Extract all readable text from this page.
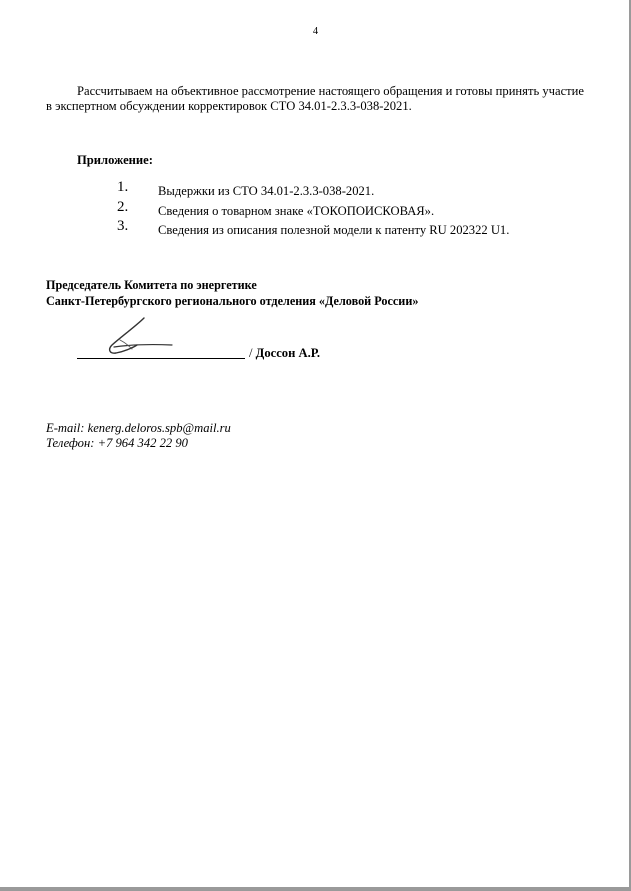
4
Рассчитываем на объективное рассмотрение настоящего обращения и готовы принять участие
в экспертном обсуждении корректировок СТО 34.01-2.3.3-038-2021.
Приложение:
1. Выдержки из СТО 34.01-2.3.3-038-2021.
2. Сведения о товарном знаке «ТОКОПОИСКОВАЯ».
3. Сведения из описания полезной модели к патенту RU 202322 U1.
Председатель Комитета по энергетике
Санкт-Петербургского регионального отделения «Деловой России»
/ Доссон А.Р.
E-mail: kenerg.deloros.spb@mail.ru
Телефон: +7 964 342 22 90
